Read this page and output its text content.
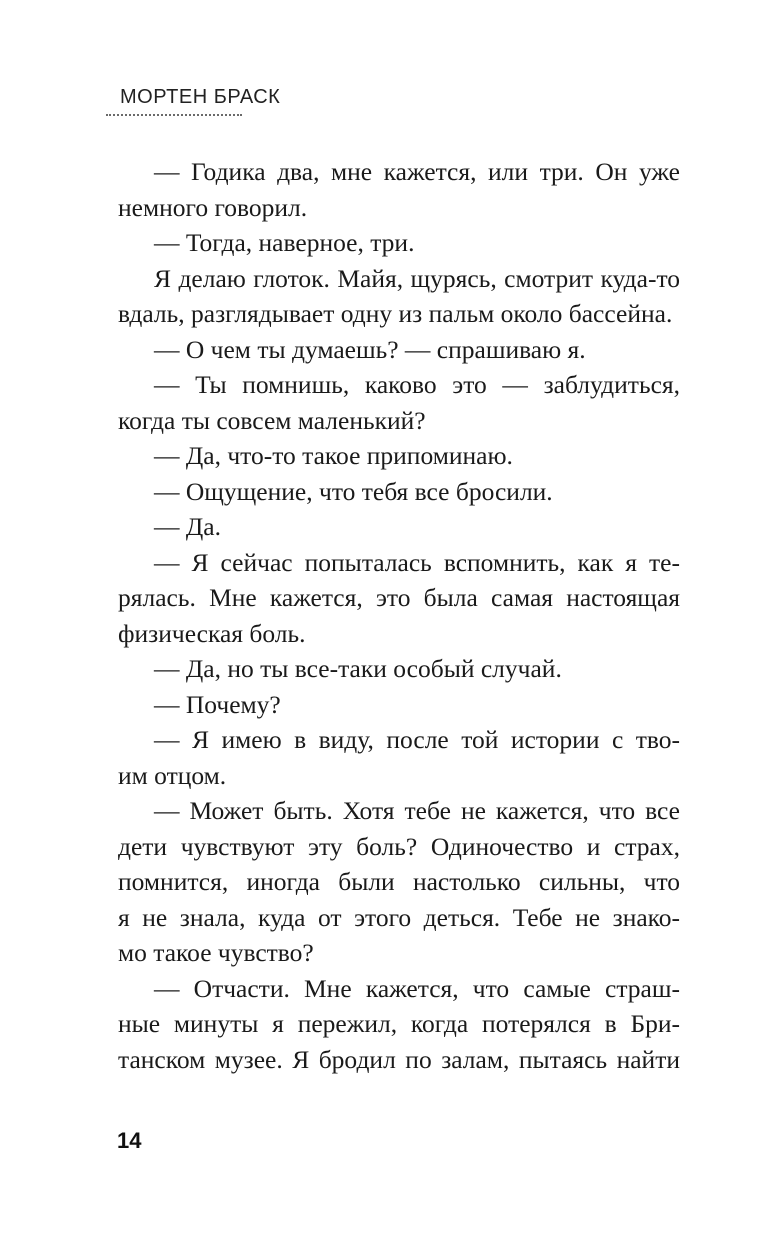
МОРТЕН БРАСК

— Годика два, мне кажется, или три. Он уже
немного говорил.
— Тогда, наверное, три.
Я делаю глоток. Майя, щурясь, смотрит куда-то
вдаль, разглядывает одну из пальм около бассейна.
— О чем ты думаешь? — спрашиваю я.
— Ты помнишь, каково это — заблудиться,
когда ты совсем маленький?
— Да, что-то такое припоминаю.
— Ощущение, что тебя все бросили.
— Да.
— Я сейчас попыталась вспомнить, как я те-
рялась. Мне кажется, это была самая настоящая
физическая боль.
— Да, но ты все-таки особый случай.
— Почему?
— Я имею в виду, после той истории с тво-
им отцом.
— Может быть. Хотя тебе не кажется, что все
дети чувствуют эту боль? Одиночество и страх,
помнится, иногда были настолько сильны, что
я не знала, куда от этого деться. Тебе не знако-
мо такое чувство?
— Отчасти. Мне кажется, что самые страш-
ные минуты я пережил, когда потерялся в Бри-
танском музее. Я бродил по залам, пытаясь найти

14
